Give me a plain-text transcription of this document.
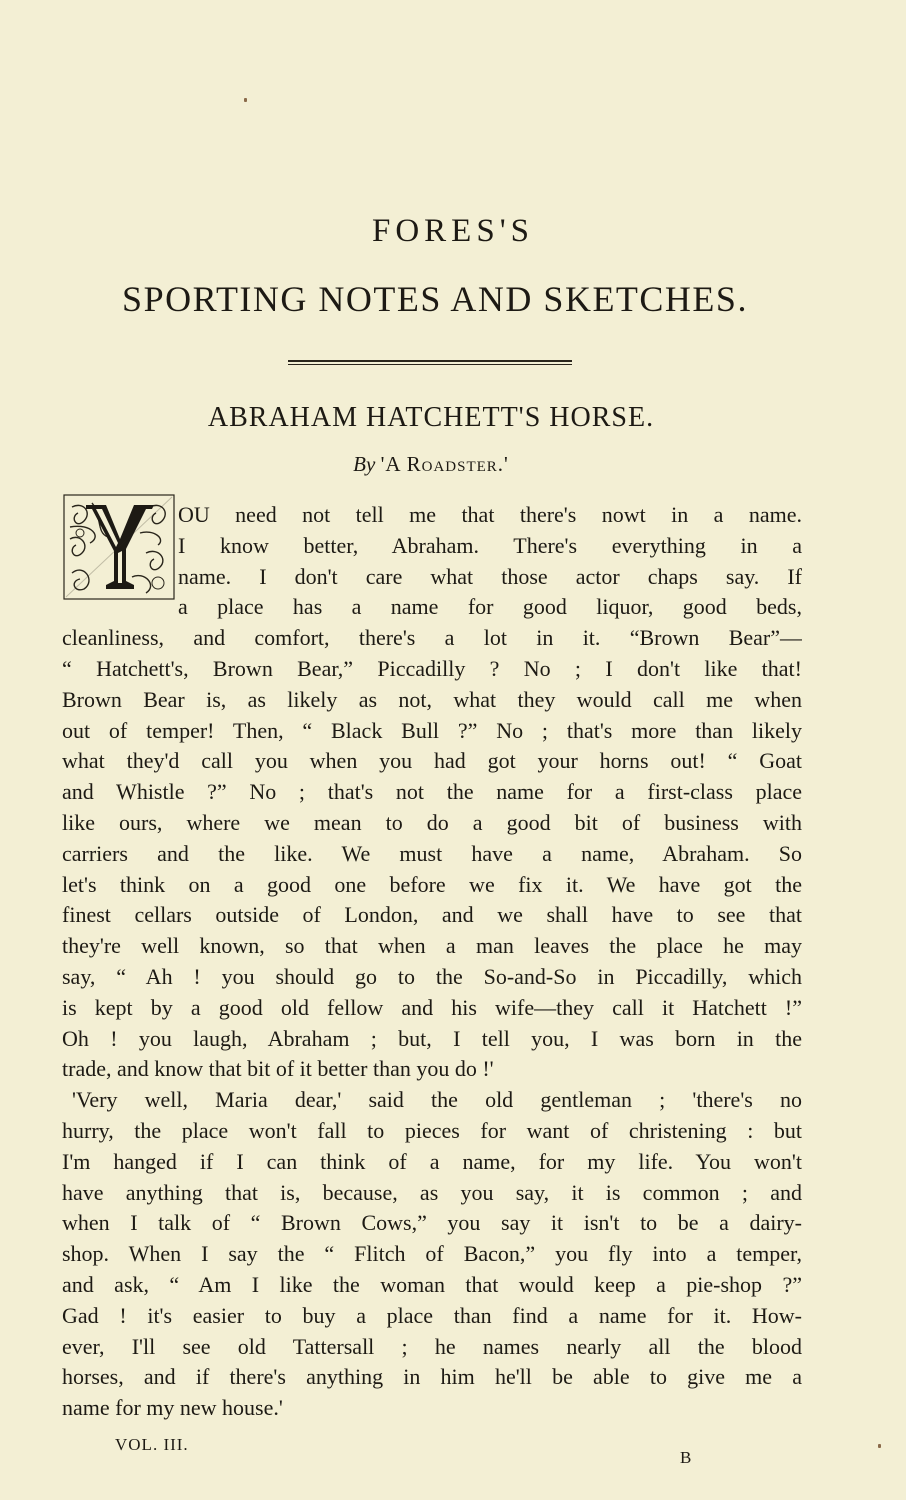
FORES'S
SPORTING NOTES AND SKETCHES.
ABRAHAM HATCHETT'S HORSE.
By 'A Roadster.'
OU need not tell me that there's nowt in a name.
I know better, Abraham. There's everything in a
name. I don't care what those actor chaps say. If
a place has a name for good liquor, good beds,
cleanliness, and comfort, there's a lot in it. “Brown Bear”—
“ Hatchett's, Brown Bear,” Piccadilly ? No ; I don't like that!
Brown Bear is, as likely as not, what they would call me when
out of temper! Then, “ Black Bull ?” No ; that's more than likely
what they'd call you when you had got your horns out! “ Goat
and Whistle ?” No ; that's not the name for a first-class place
like ours, where we mean to do a good bit of business with
carriers and the like. We must have a name, Abraham. So
let's think on a good one before we fix it. We have got the
finest cellars outside of London, and we shall have to see that
they're well known, so that when a man leaves the place he may
say, “ Ah ! you should go to the So-and-So in Piccadilly, which
is kept by a good old fellow and his wife—they call it Hatchett !”
Oh ! you laugh, Abraham ; but, I tell you, I was born in the
trade, and know that bit of it better than you do !'
'Very well, Maria dear,' said the old gentleman ; 'there's no
hurry, the place won't fall to pieces for want of christening : but
I'm hanged if I can think of a name, for my life. You won't
have anything that is, because, as you say, it is common ; and
when I talk of “ Brown Cows,” you say it isn't to be a dairy-
shop. When I say the “ Flitch of Bacon,” you fly into a temper,
and ask, “ Am I like the woman that would keep a pie-shop ?”
Gad ! it's easier to buy a place than find a name for it. How-
ever, I'll see old Tattersall ; he names nearly all the blood
horses, and if there's anything in him he'll be able to give me a
name for my new house.'
VOL. III.
B
